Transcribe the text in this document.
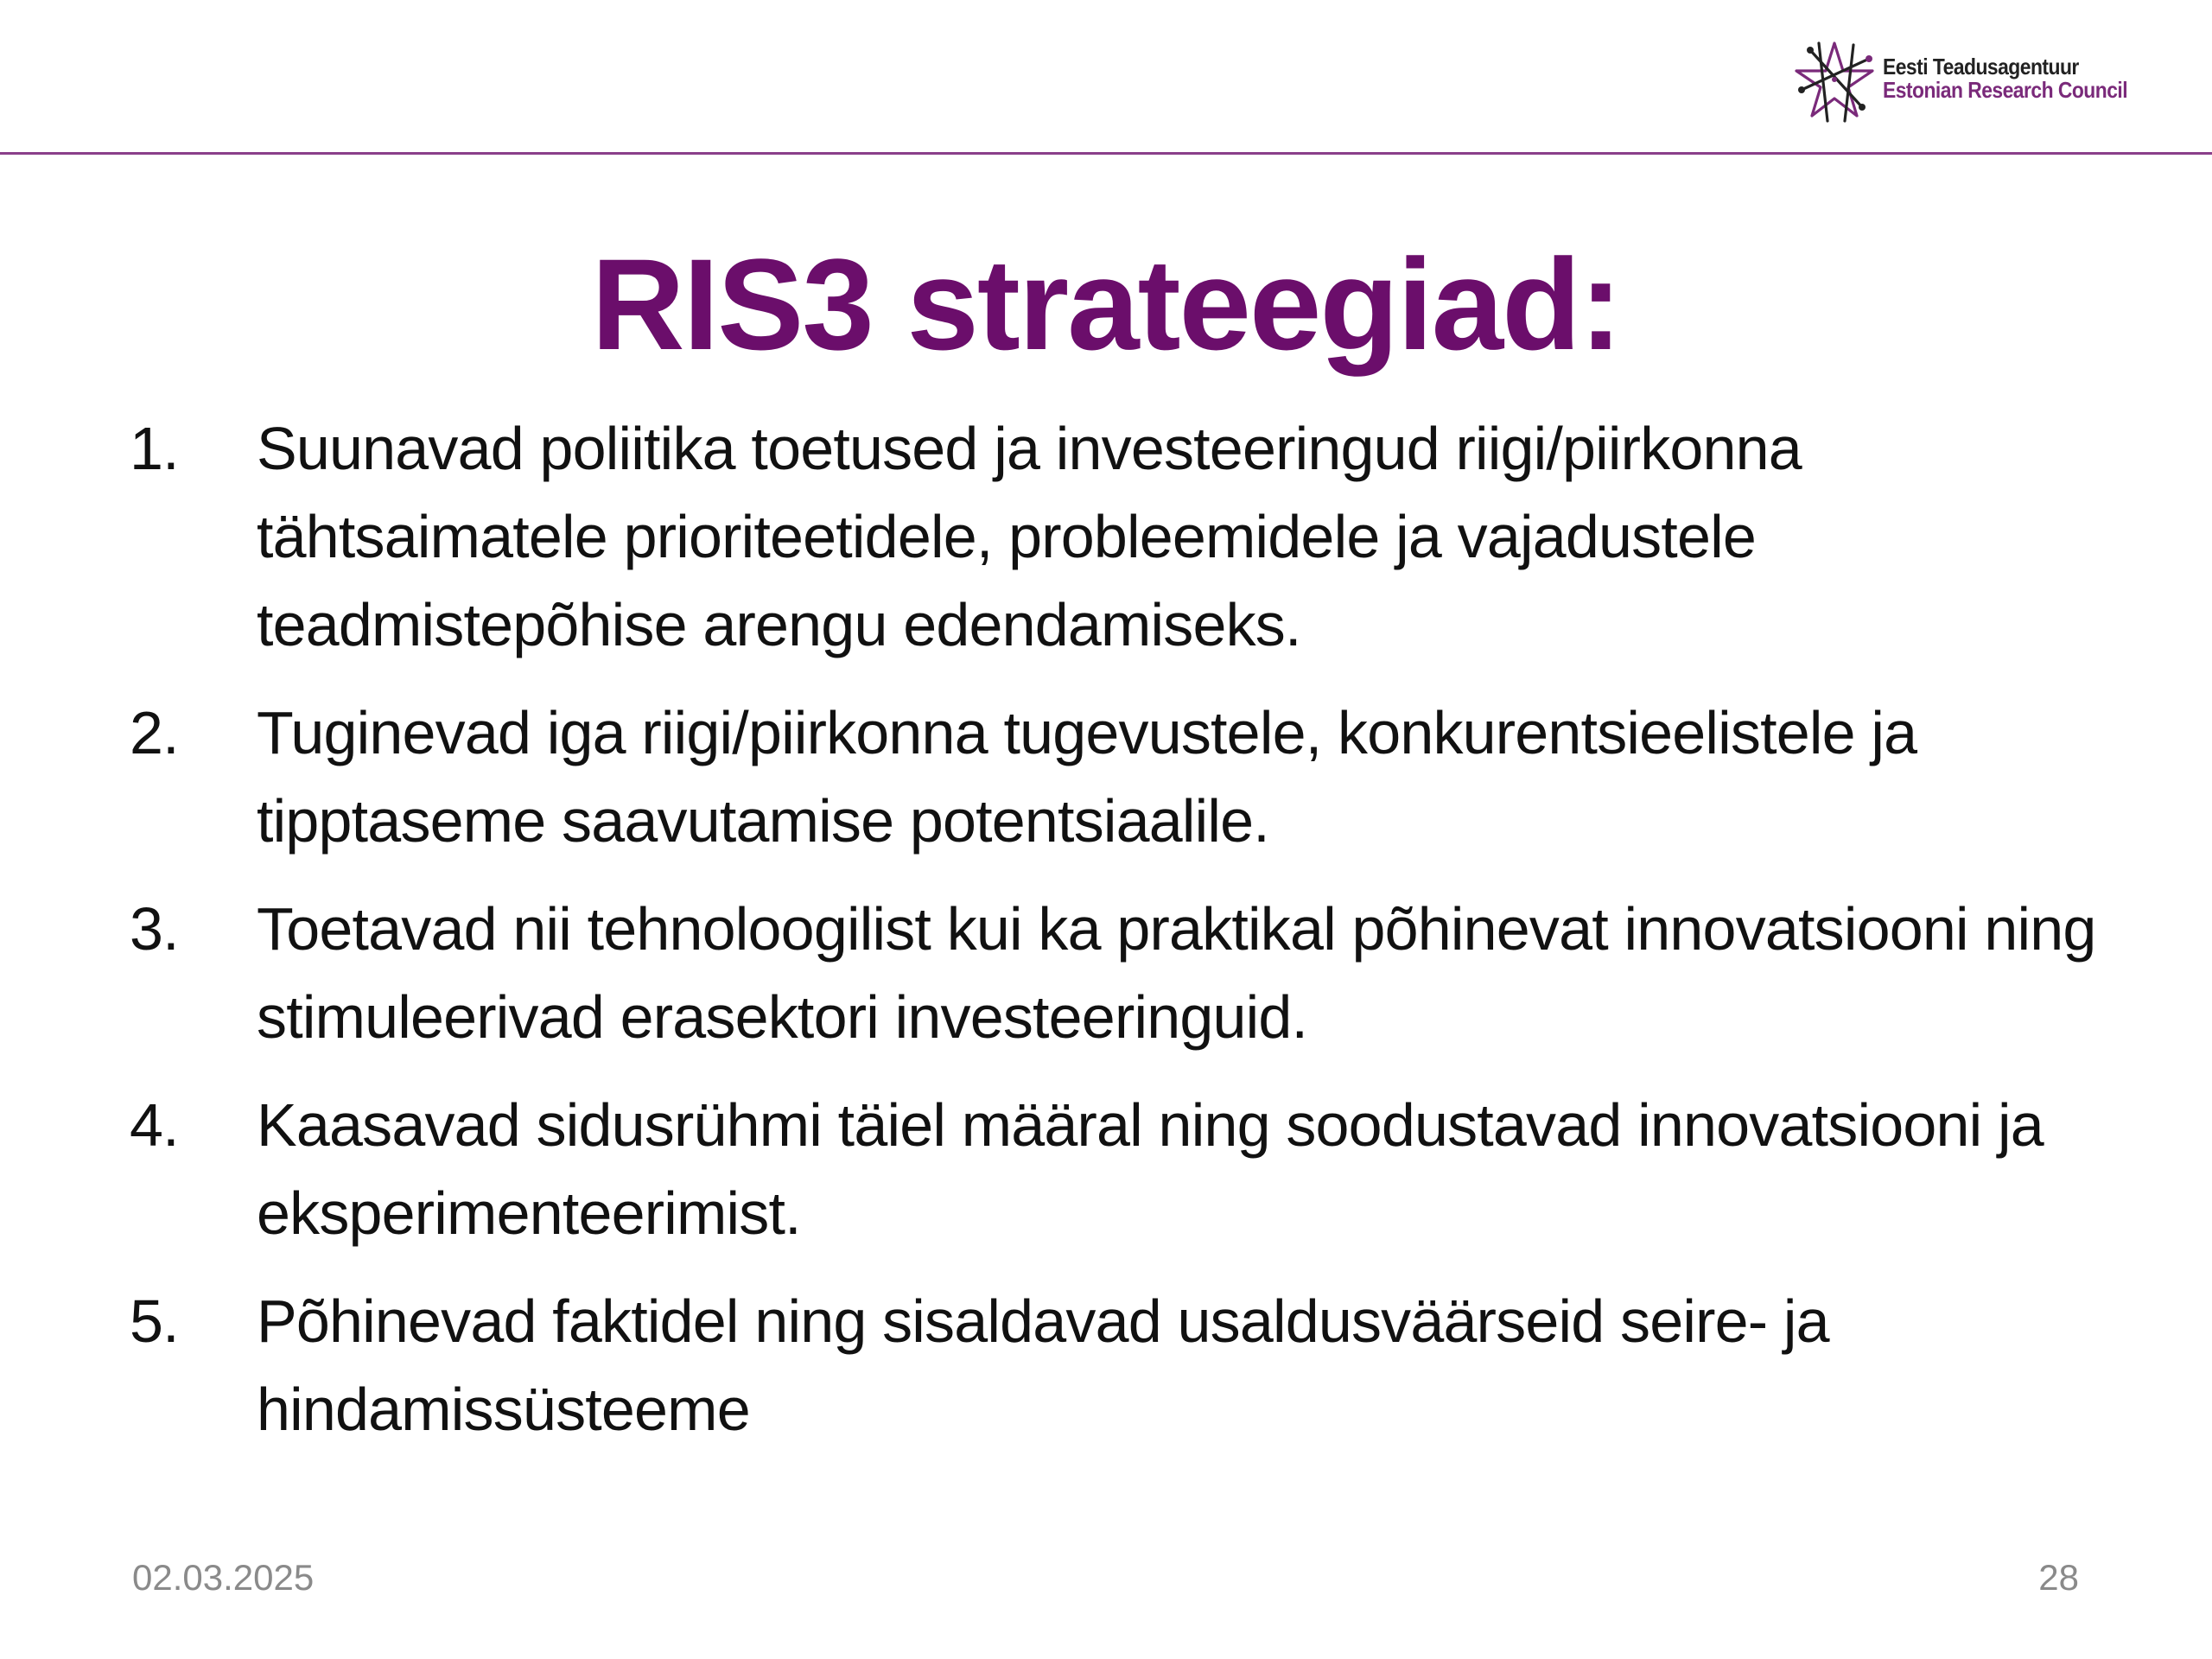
Eesti Teadusagentuur
Estonian Research Council
RIS3 strateegiad:
1. Suunavad poliitika toetused ja investeeringud riigi/piirkonna tähtsaimatele prioriteetidele, probleemidele ja vajadustele teadmistepõhise arengu edendamiseks.
2. Tuginevad iga riigi/piirkonna tugevustele, konkurentsieelistele ja tipptaseme saavutamise potentsiaalile.
3. Toetavad nii tehnoloogilist kui ka praktikal põhinevat innovatsiooni ning stimuleerivad erasektori investeeringuid.
4. Kaasavad sidusrühmi täiel määral ning soodustavad innovatsiooni ja eksperimenteerimist.
5. Põhinevad faktidel ning sisaldavad usaldusväärseid seire- ja hindamissüsteeme
02.03.2025	28
